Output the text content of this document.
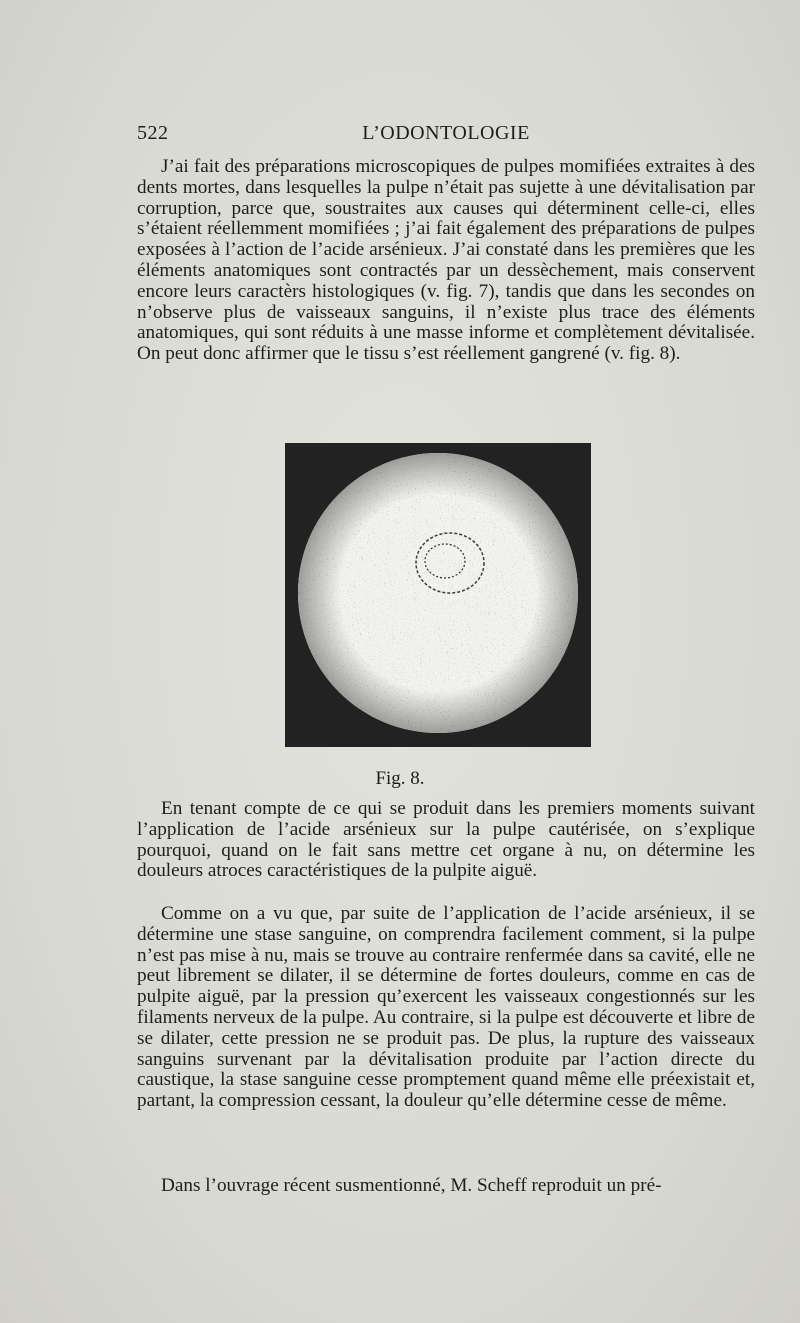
522	L’ODONTOLOGIE

J’ai fait des préparations microscopiques de pulpes momifiées extraites à des dents mortes, dans lesquelles la pulpe n’était pas sujette à une dévitalisation par corruption, parce que, soustraites aux causes qui déterminent celle-ci, elles s’étaient réellemment momifiées ; j’ai fait également des préparations de pulpes exposées à l’action de l’acide arsénieux. J’ai constaté dans les premières que les éléments anatomiques sont contractés par un dessèchement, mais conservent encore leurs caractèrs histologiques (v. fig. 7), tandis que dans les secondes on n’observe plus de vaisseaux sanguins, il n’existe plus trace des éléments anatomiques, qui sont réduits à une masse informe et complètement dévitalisée. On peut donc affirmer que le tissu s’est réellement gangrené (v. fig. 8).

Fig. 8.

En tenant compte de ce qui se produit dans les premiers moments suivant l’application de l’acide arsénieux sur la pulpe cautérisée, on s’explique pourquoi, quand on le fait sans mettre cet organe à nu, on détermine les douleurs atroces caractéristiques de la pulpite aiguë.

Comme on a vu que, par suite de l’application de l’acide arsénieux, il se détermine une stase sanguine, on comprendra facilement comment, si la pulpe n’est pas mise à nu, mais se trouve au contraire renfermée dans sa cavité, elle ne peut librement se dilater, il se détermine de fortes douleurs, comme en cas de pulpite aiguë, par la pression qu’exercent les vaisseaux congestionnés sur les filaments nerveux de la pulpe. Au contraire, si la pulpe est découverte et libre de se dilater, cette pression ne se produit pas. De plus, la rupture des vaisseaux sanguins survenant par la dévitalisation produite par l’action directe du caustique, la stase sanguine cesse promptement quand même elle préexistait et, partant, la compression cessant, la douleur qu’elle détermine cesse de même.

Dans l’ouvrage récent susmentionné, M. Scheff reproduit un pré-
